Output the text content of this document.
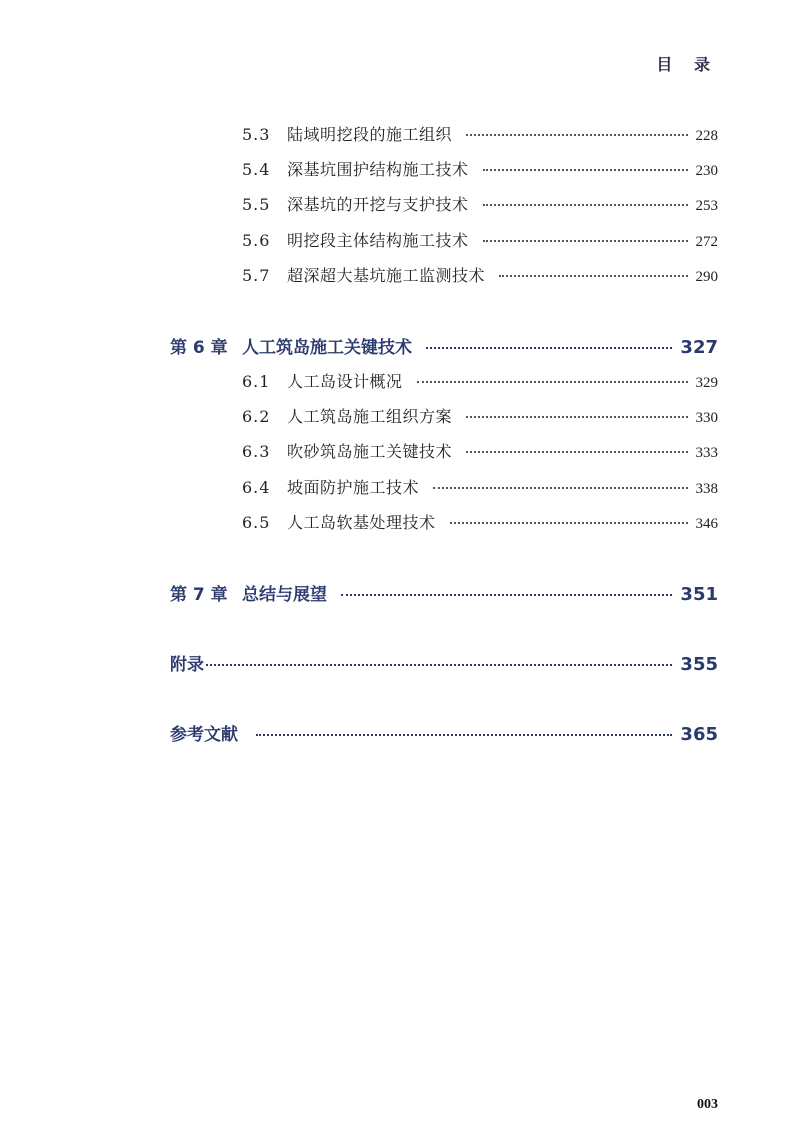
目 录
5.3	陆域明挖段的施工组织	228
5.4	深基坑围护结构施工技术	230
5.5	深基坑的开挖与支护技术	253
5.6	明挖段主体结构施工技术	272
5.7	超深超大基坑施工监测技术	290
第 6 章 人工筑岛施工关键技术	327
6.1	人工岛设计概况	329
6.2	人工筑岛施工组织方案	330
6.3	吹砂筑岛施工关键技术	333
6.4	坡面防护施工技术	338
6.5	人工岛软基处理技术	346
第 7 章 总结与展望	351
附录	355
参考文献	365
003
